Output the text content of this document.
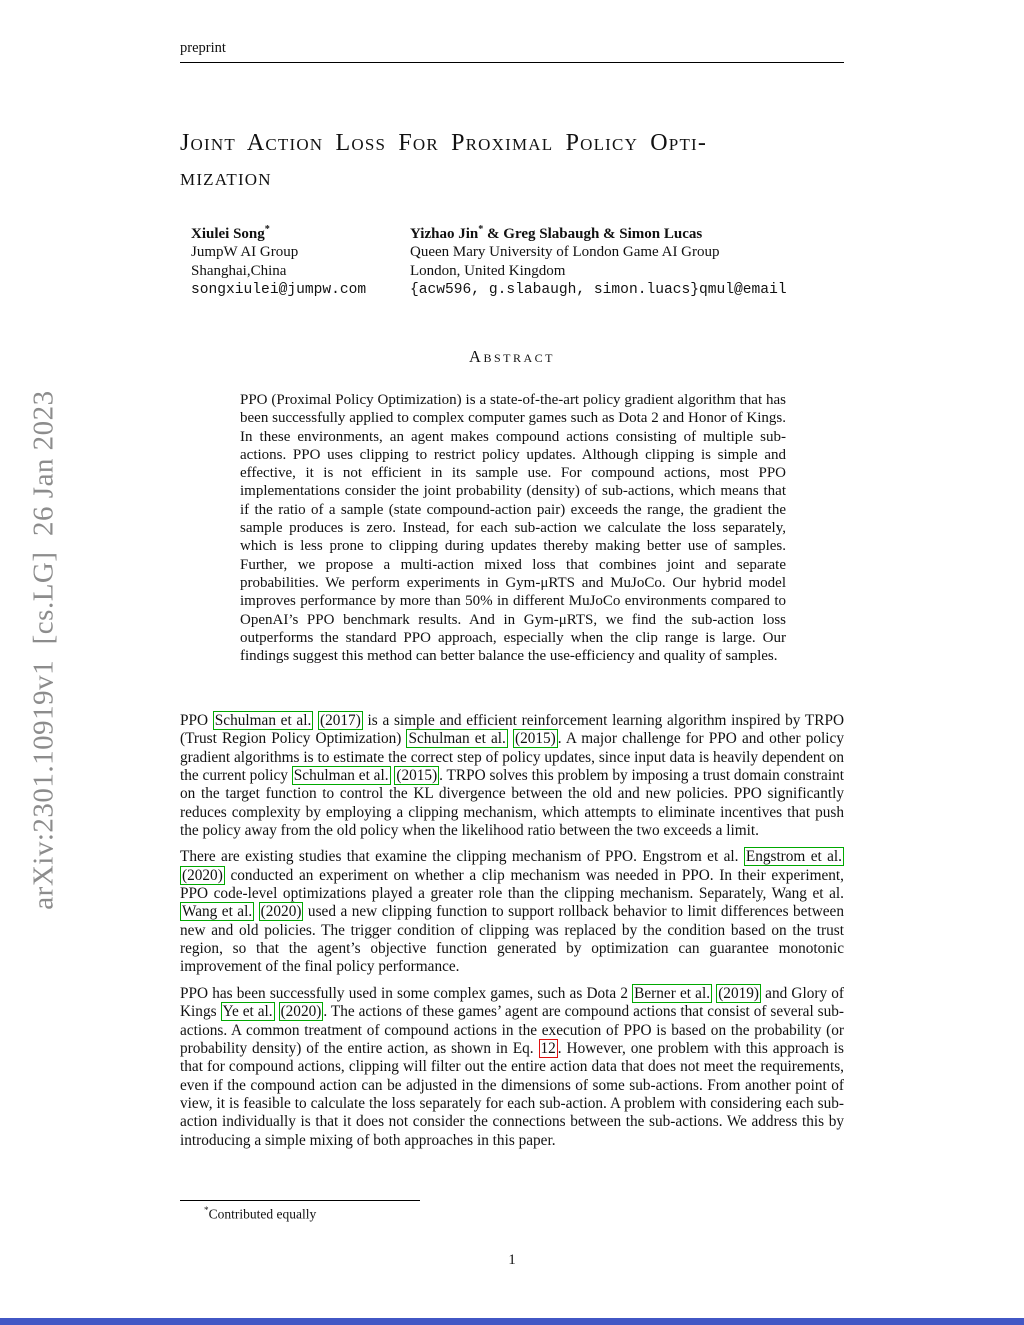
arXiv:2301.10919v1  [cs.LG]  26 Jan 2023
preprint
Joint Action Loss For Proximal Policy Opti-
mization
Xiulei Song*
JumpW AI Group
Shanghai,China
songxiulei@jumpw.com
Yizhao Jin* & Greg Slabaugh & Simon Lucas
Queen Mary University of London Game AI Group
London, United Kingdom
{acw596, g.slabaugh, simon.luacs}qmul@email
Abstract
PPO (Proximal Policy Optimization) is a state-of-the-art policy gradient algorithm that has been successfully applied to complex computer games such as Dota 2 and Honor of Kings. In these environments, an agent makes compound actions consisting of multiple sub-actions. PPO uses clipping to restrict policy updates. Although clipping is simple and effective, it is not efficient in its sample use. For compound actions, most PPO implementations consider the joint probability (density) of sub-actions, which means that if the ratio of a sample (state compound-action pair) exceeds the range, the gradient the sample produces is zero. Instead, for each sub-action we calculate the loss separately, which is less prone to clipping during updates thereby making better use of samples. Further, we propose a multi-action mixed loss that combines joint and separate probabilities. We perform experiments in Gym-μRTS and MuJoCo. Our hybrid model improves performance by more than 50% in different MuJoCo environments compared to OpenAI’s PPO benchmark results. And in Gym-μRTS, we find the sub-action loss outperforms the standard PPO approach, especially when the clip range is large. Our findings suggest this method can better balance the use-efficiency and quality of samples.

PPO Schulman et al. (2017) is a simple and efficient reinforcement learning algorithm inspired by TRPO (Trust Region Policy Optimization) Schulman et al. (2015) . A major challenge for PPO and other policy gradient algorithms is to estimate the correct step of policy updates, since input data is heavily dependent on the current policy Schulman et al. (2015) . TRPO solves this problem by imposing a trust domain constraint on the target function to control the KL divergence between the old and new policies. PPO significantly reduces complexity by employing a clipping mechanism, which attempts to eliminate incentives that push the policy away from the old policy when the likelihood ratio between the two exceeds a limit.

There are existing studies that examine the clipping mechanism of PPO. Engstrom et al. Engstrom et al. (2020) conducted an experiment on whether a clip mechanism was needed in PPO. In their experiment, PPO code-level optimizations played a greater role than the clipping mechanism. Separately, Wang et al. Wang et al. (2020) used a new clipping function to support rollback behavior to limit differences between new and old policies. The trigger condition of clipping was replaced by the condition based on the trust region, so that the agent’s objective function generated by optimization can guarantee monotonic improvement of the final policy performance.

PPO has been successfully used in some complex games, such as Dota 2 Berner et al. (2019) and Glory of Kings Ye et al. (2020) . The actions of these games’ agent are compound actions that consist of several sub-actions. A common treatment of compound actions in the execution of PPO is based on the probability (or probability density) of the entire action, as shown in Eq. 12 . However, one problem with this approach is that for compound actions, clipping will filter out the entire action data that does not meet the requirements, even if the compound action can be adjusted in the dimensions of some sub-actions. From another point of view, it is feasible to calculate the loss separately for each sub-action. A problem with considering each sub-action individually is that it does not consider the connections between the sub-actions. We address this by introducing a simple mixing of both approaches in this paper.

*Contributed equally
1
